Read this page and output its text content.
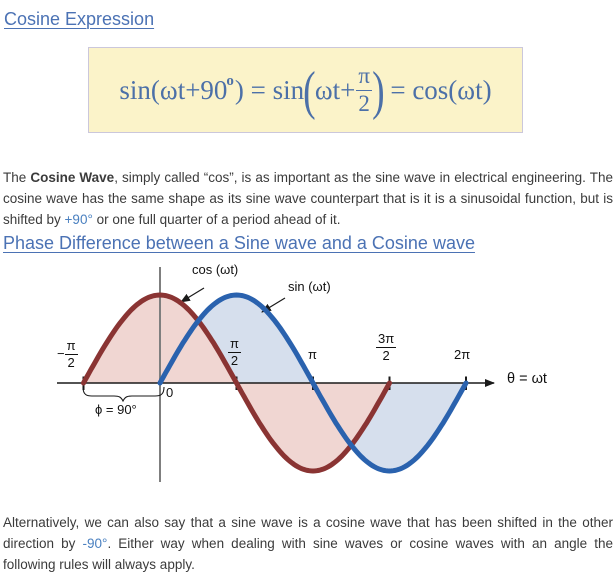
Cosine Expression
$\sin(\omega t+90^o$ ) = sin ( $\omega t+ \frac{\pi}{2}$ ) = cos(ωt)

The Cosine Wave, simply called “cos”, is as important as the sine wave in electrical engineering. The cosine wave has the same shape as its sine wave counterpart that is it is a sinusoidal function, but is shifted by +90° or one full quarter of a period ahead of it.

Phase Difference between a Sine wave and a Cosine wave
cos (ωt)
sin (ωt)
− $\frac{\pi}{2}$	$\frac{\pi}{2}$	π	$\frac{3\pi}{2}$	2π
0
θ = ωt
ϕ = 90°

Alternatively, we can also say that a sine wave is a cosine wave that has been shifted in the other direction by -90°. Either way when dealing with sine waves or cosine waves with an angle the following rules will always apply.
